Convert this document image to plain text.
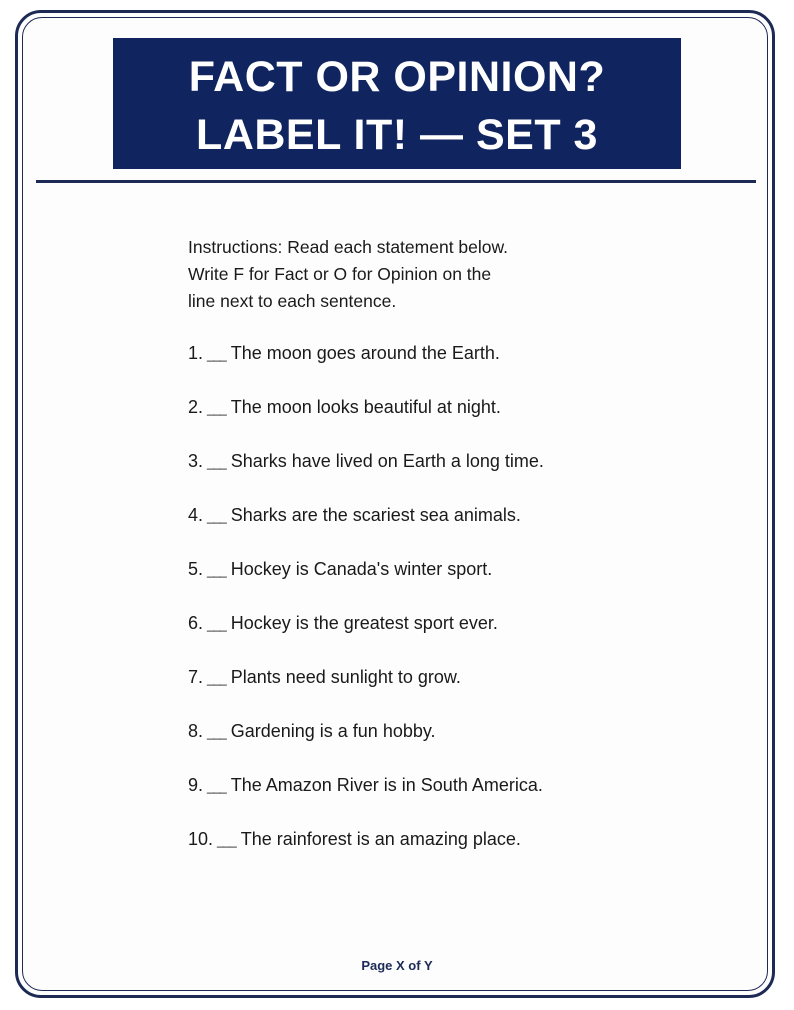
FACT OR OPINION?
LABEL IT! — SET 3
Instructions: Read each statement below.
Write F for Fact or O for Opinion on the
line next to each sentence.
1. ___ The moon goes around the Earth.
2. ___ The moon looks beautiful at night.
3. ___ Sharks have lived on Earth a long time.
4. ___ Sharks are the scariest sea animals.
5. ___ Hockey is Canada's winter sport.
6. ___ Hockey is the greatest sport ever.
7. ___ Plants need sunlight to grow.
8. ___ Gardening is a fun hobby.
9. ___ The Amazon River is in South America.
10. ___ The rainforest is an amazing place.
Page X of Y
